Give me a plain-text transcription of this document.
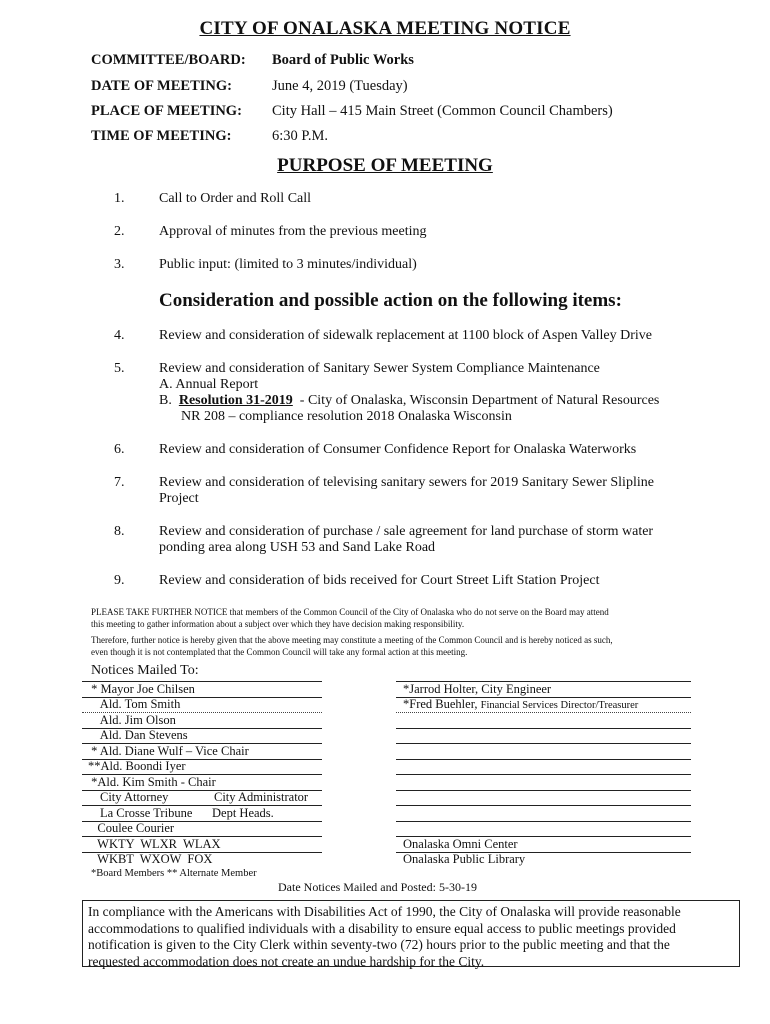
CITY OF ONALASKA MEETING NOTICE
COMMITTEE/BOARD: Board of Public Works
DATE OF MEETING:	June 4, 2019 (Tuesday)
PLACE OF MEETING: City Hall – 415 Main Street (Common Council Chambers)
TIME OF MEETING:	6:30 P.M.
PURPOSE OF MEETING
1. Call to Order and Roll Call
2. Approval of minutes from the previous meeting
3. Public input: (limited to 3 minutes/individual)
Consideration and possible action on the following items:
4. Review and consideration of sidewalk replacement at 1100 block of Aspen Valley Drive
5. Review and consideration of Sanitary Sewer System Compliance Maintenance
A. Annual Report
B.  Resolution 31-2019  - City of Onalaska, Wisconsin Department of Natural Resources
NR 208 – compliance resolution 2018 Onalaska Wisconsin
6. Review and consideration of Consumer Confidence Report for Onalaska Waterworks
7. Review and consideration of televising sanitary sewers for 2019 Sanitary Sewer Slipline
Project
8. Review and consideration of purchase / sale agreement for land purchase of storm water
ponding area along USH 53 and Sand Lake Road
9. Review and consideration of bids received for Court Street Lift Station Project
PLEASE TAKE FURTHER NOTICE that members of the Common Council of the City of Onalaska who do not serve on the Board may attend
this meeting to gather information about a subject over which they have decision making responsibility.
Therefore, further notice is hereby given that the above meeting may constitute a meeting of the Common Council and is hereby noticed as such,
even though it is not contemplated that the Common Council will take any formal action at this meeting.
Notices Mailed To:
* Mayor Joe Chilsen
Ald. Tom Smith
Ald. Jim Olson
Ald. Dan Stevens
* Ald. Diane Wulf – Vice Chair
**Ald. Boondi Iyer
*Ald. Kim Smith - Chair
City Administrator
City Attorney
Dept Heads.
La Crosse Tribune
Coulee Courier
WKTY  WLXR  WLAX
WKBT  WXOW  FOX
*Jarrod Holter, City Engineer
*Fred Buehler, Financial Services Director/Treasurer
Onalaska Omni Center
Onalaska Public Library
*Board Members ** Alternate Member
Date Notices Mailed and Posted: 5-30-19
In compliance with the Americans with Disabilities Act of 1990, the City of Onalaska will provide reasonable
accommodations to qualified individuals with a disability to ensure equal access to public meetings provided
notification is given to the City Clerk within seventy-two (72) hours prior to the public meeting and that the
requested accommodation does not create an undue hardship for the City.
